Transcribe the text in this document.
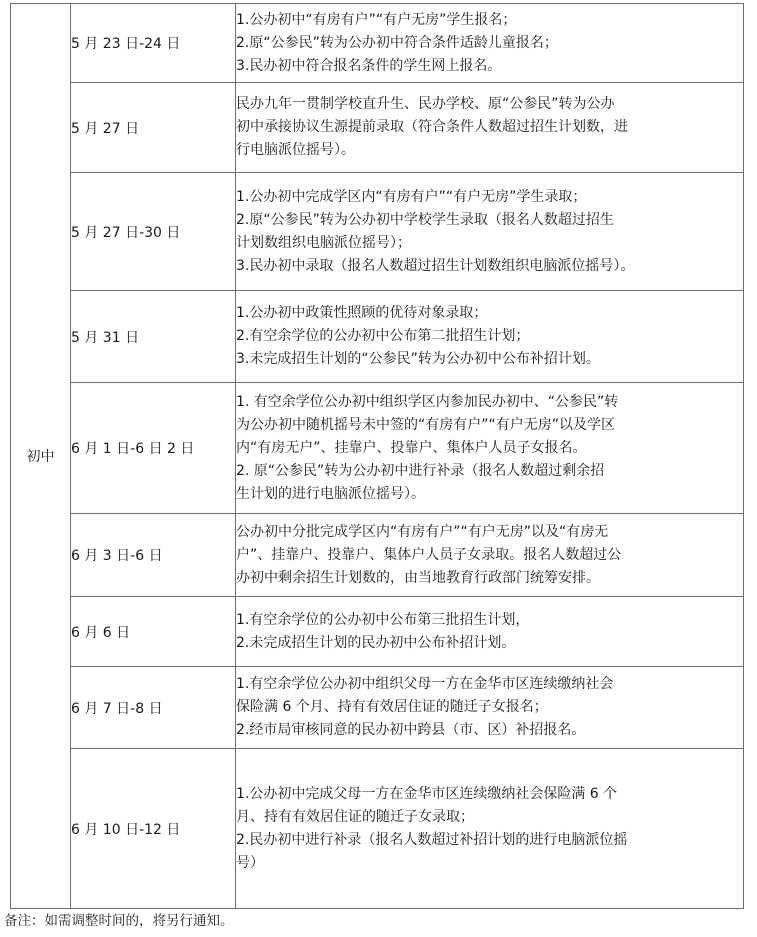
初中	5 月 23 日-24 日	1.公办初中“有房有户”“有户无房”学生报名；
2.原“公参民”转为公办初中符合条件适龄儿童报名；
3.民办初中符合报名条件的学生网上报名。

	5 月 27 日	民办九年一贯制学校直升生、民办学校、原“公参民”转为公办
初中承接协议生源提前录取（符合条件人数超过招生计划数，进
行电脑派位摇号）。

	5 月 27 日-30 日	1.公办初中完成学区内“有房有户”“有户无房”学生录取；
2.原“公参民”转为公办初中学校学生录取（报名人数超过招生
计划数组织电脑派位摇号）；
3.民办初中录取（报名人数超过招生计划数组织电脑派位摇号）。

	5 月 31 日	1.公办初中政策性照顾的优待对象录取；
2.有空余学位的公办初中公布第二批招生计划；
3.未完成招生计划的“公参民”转为公办初中公布补招计划。

	6 月 1 日-6 日 2 日	1. 有空余学位公办初中组织学区内参加民办初中、“公参民”转
为公办初中随机摇号未中签的“有房有户”“有户无房”以及学区
内“有房无户”、挂靠户、投靠户、集体户人员子女报名。
2. 原“公参民”转为公办初中进行补录（报名人数超过剩余招
生计划的进行电脑派位摇号）。

	6 月 3 日-6 日	公办初中分批完成学区内“有房有户”“有户无房”以及“有房无
户”、挂靠户、投靠户、集体户人员子女录取。报名人数超过公
办初中剩余招生计划数的，由当地教育行政部门统筹安排。

	6 月 6 日	1.有空余学位的公办初中公布第三批招生计划，
2.未完成招生计划的民办初中公布补招计划。

	6 月 7 日-8 日	1.有空余学位公办初中组织父母一方在金华市区连续缴纳社会
保险满 6 个月、持有有效居住证的随迁子女报名；
2.经市局审核同意的民办初中跨县（市、区）补招报名。

	6 月 10 日-12 日	1.公办初中完成父母一方在金华市区连续缴纳社会保险满 6 个
月、持有有效居住证的随迁子女录取；
2.民办初中进行补录（报名人数超过补招计划的进行电脑派位摇
号）
备注：如需调整时间的，将另行通知。
